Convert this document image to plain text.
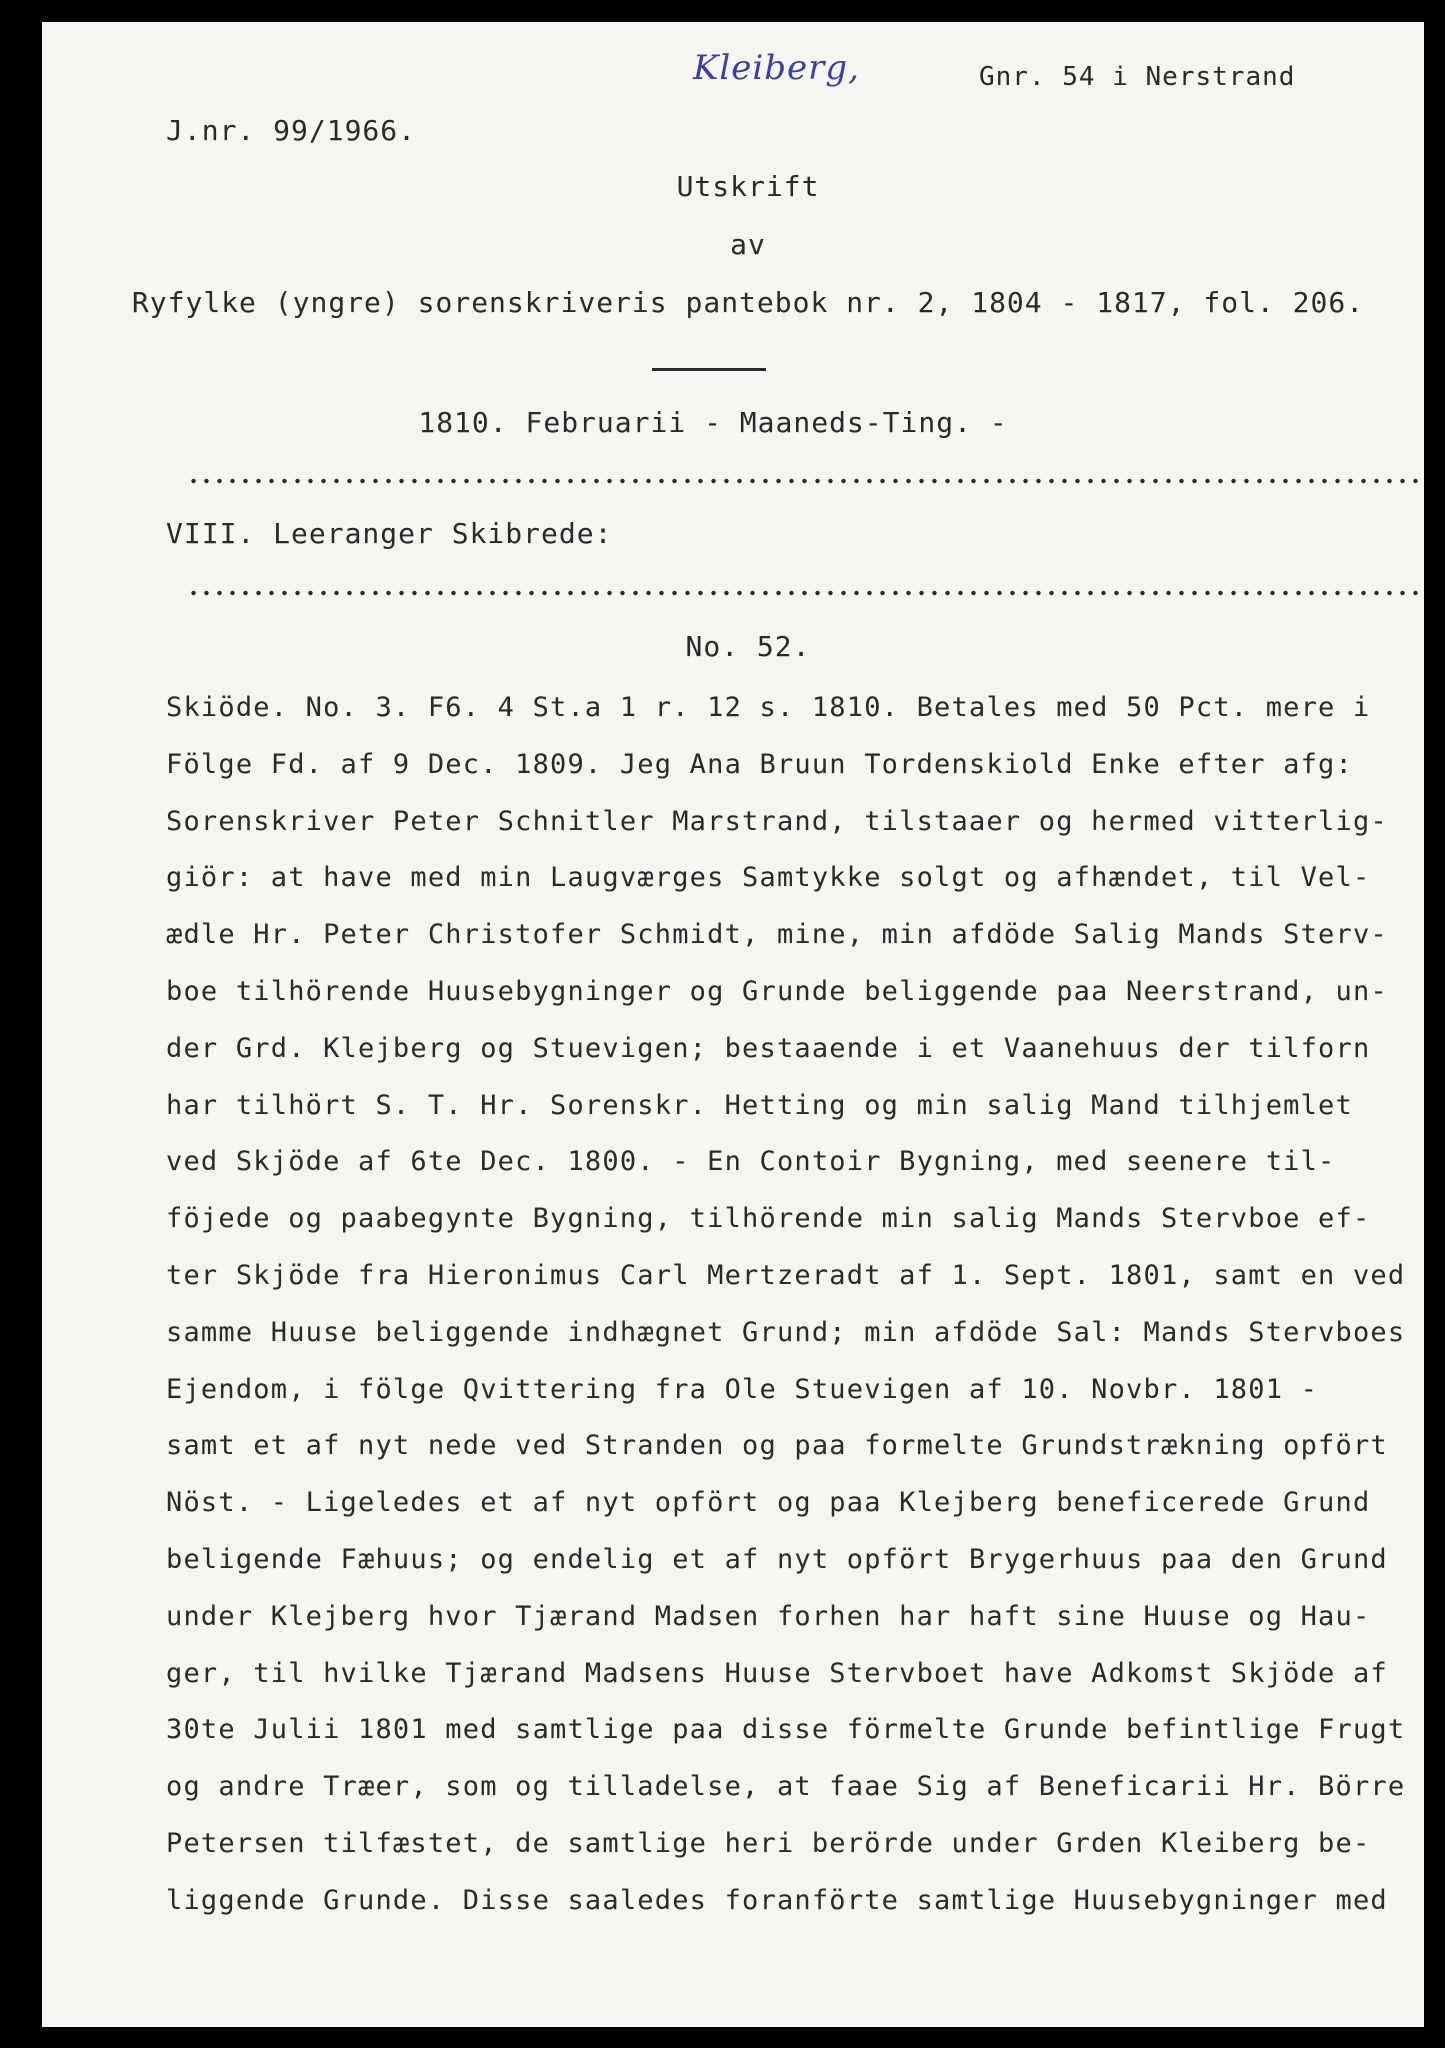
Kleiberg,	Gnr. 54 i Nerstrand
J.nr. 99/1966.
Utskrift
av
Ryfylke (yngre) sorenskriveris pantebok nr. 2, 1804 - 1817, fol. 206.
1810. Februarii - Maaneds-Ting. -
VIII. Leeranger Skibrede:
No. 52.
Skiöde. No. 3. F6. 4 St.a 1 r. 12 s. 1810. Betales med 50 Pct. mere i
Fölge Fd. af 9 Dec. 1809. Jeg Ana Bruun Tordenskiold Enke efter afg:
Sorenskriver Peter Schnitler Marstrand, tilstaaer og hermed vitterlig-
giör: at have med min Laugværges Samtykke solgt og afhændet, til Vel-
ædle Hr. Peter Christofer Schmidt, mine, min afdöde Salig Mands Sterv-
boe tilhörende Huusebygninger og Grunde beliggende paa Neerstrand, un-
der Grd. Klejberg og Stuevigen; bestaaende i et Vaanehuus der tilforn
har tilhört S. T. Hr. Sorenskr. Hetting og min salig Mand tilhjemlet
ved Skjöde af 6te Dec. 1800. - En Contoir Bygning, med seenere til-
föjede og paabegynte Bygning, tilhörende min salig Mands Stervboe ef-
ter Skjöde fra Hieronimus Carl Mertzeradt af 1. Sept. 1801, samt en ved
samme Huuse beliggende indhægnet Grund; min afdöde Sal: Mands Stervboes
Ejendom, i fölge Qvittering fra Ole Stuevigen af 10. Novbr. 1801 -
samt et af nyt nede ved Stranden og paa formelte Grundstrækning opfört
Nöst. - Ligeledes et af nyt opfört og paa Klejberg beneficerede Grund
beligende Fæhuus; og endelig et af nyt opfört Brygerhuus paa den Grund
under Klejberg hvor Tjærand Madsen forhen har haft sine Huuse og Hau-
ger, til hvilke Tjærand Madsens Huuse Stervboet have Adkomst Skjöde af
30te Julii 1801 med samtlige paa disse förmelte Grunde befintlige Frugt
og andre Træer, som og tilladelse, at faae Sig af Beneficarii Hr. Börre
Petersen tilfæstet, de samtlige heri berörde under Grden Kleiberg be-
liggende Grunde. Disse saaledes foranförte samtlige Huusebygninger med
